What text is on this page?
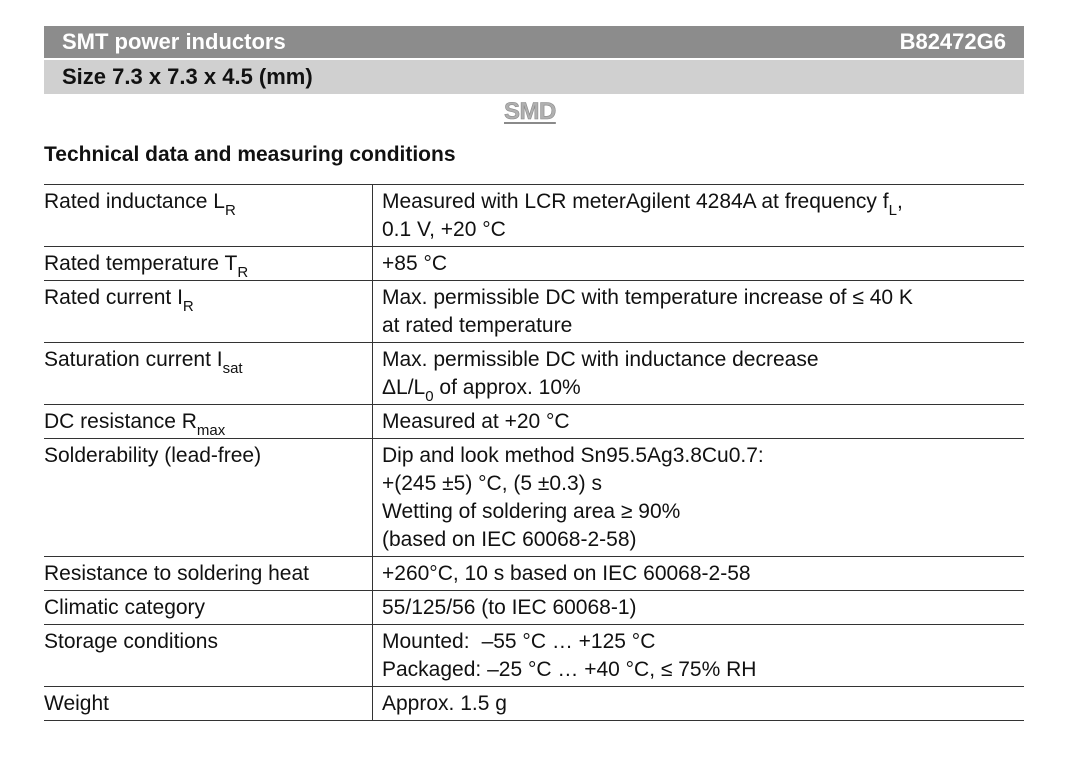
SMT power inductors	B82472G6
Size 7.3 x 7.3 x 4.5 (mm)
SMD
Technical data and measuring conditions
Rated inductance $L_R$	Measured with LCR meterAgilent 4284A at frequency $f_L$,
0.1 V, +20 °C

Rated temperature $T_R$	+85 °C

Rated current $I_R$	Max. permissible DC with temperature increase of ≤ 40 K
at rated temperature

Saturation current $I_{sat}$	Max. permissible DC with inductance decrease
$\Delta L/L_0$ of approx. 10%

DC resistance $R_{max}$	Measured at +20 °C

Solderability (lead-free)	Dip and look method Sn95.5Ag3.8Cu0.7:
+(245 ±5) °C, (5 ±0.3) s
Wetting of soldering area ≥ 90%
(based on IEC 60068-2-58)

Resistance to soldering heat	+260°C, 10 s based on IEC 60068-2-58

Climatic category	55/125/56 (to IEC 60068-1)

Storage conditions	Mounted: –55 °C … +125 °C
Packaged: –25 °C … +40 °C, ≤ 75% RH

Weight	Approx. 1.5 g
